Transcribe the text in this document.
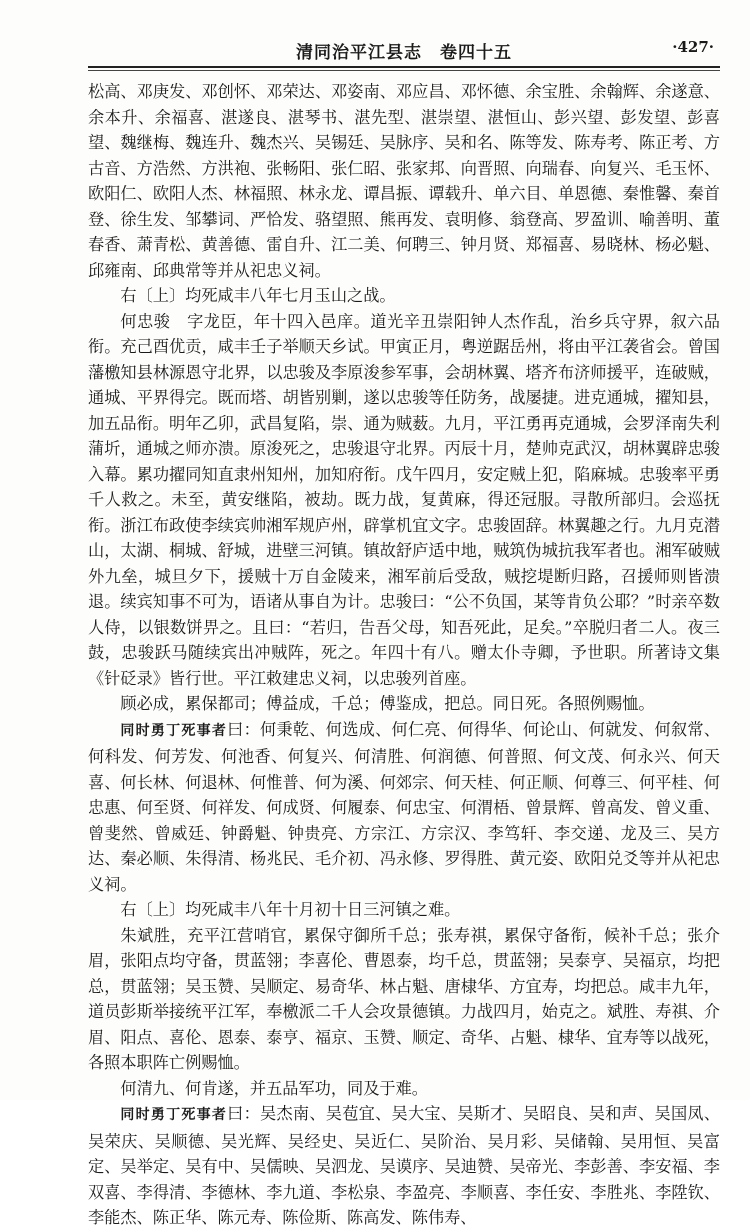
清同治平江县志　卷四十五	·427·

松高、邓庚发、邓创怀、邓荣达、邓姿南、邓应昌、邓怀德、余宝胜、余翰辉、余遂意、余本升、余福喜、湛遂良、湛琴书、湛先型、湛崇望、湛恒山、彭兴望、彭发望、彭喜望、魏继梅、魏连升、魏杰兴、吴锡廷、吴脉序、吴和名、陈等发、陈寿考、陈正考、方古音、方浩然、方洪袍、张畅阳、张仁昭、张家邦、向晋照、向瑞春、向复兴、毛玉怀、欧阳仁、欧阳人杰、林福照、林永龙、谭昌振、谭载升、单六目、单恩德、秦惟馨、秦首登、徐生发、邹攀词、严恰发、骆望照、熊再发、袁明修、翁登高、罗盈训、喻善明、董春香、萧青松、黄善德、雷自升、江二美、何聘三、钟月贤、郑福喜、易晓林、杨必魁、邱雍南、邱典常等并从祀忠义祠。

右〔上〕均死咸丰八年七月玉山之战。

何忠骏　字龙臣，年十四入邑庠。道光辛丑崇阳钟人杰作乱，治乡兵守界，叙六品衔。充己酉优贡，咸丰壬子举顺天乡试。甲寅正月，粤逆踞岳州，将由平江袭省会。曾国藩檄知县林源恩守北界，以忠骏及李原浚参军事，会胡林翼、塔齐布济师援平，连破贼，通城、平界得完。既而塔、胡皆别剿，遂以忠骏等任防务，战屡捷。进克通城，擢知县，加五品衔。明年乙卯，武昌复陷，崇、通为贼薮。九月，平江勇再克通城，会罗泽南失利蒲圻，通城之师亦溃。原浚死之，忠骏退守北界。丙辰十月，楚帅克武汉，胡林翼辟忠骏入幕。累功擢同知直隶州知州，加知府衔。戊午四月，安定贼上犯，陷麻城。忠骏率平勇千人救之。未至，黄安继陷，被劫。既力战，复黄麻，得还冠服。寻散所部归。会巡抚衔。浙江布政使李续宾帅湘军规庐州，辟掌机宜文字。忠骏固辞。林翼趣之行。九月克潜山，太湖、桐城、舒城，进壁三河镇。镇故舒庐适中地，贼筑伪城抗我军者也。湘军破贼外九垒，城旦夕下，援贼十万自金陵来，湘军前后受敌，贼挖堤断归路，召援师则皆溃退。续宾知事不可为，语诸从事自为计。忠骏曰：“公不负国，某等肯负公耶？”时亲卒数人侍，以银数饼畀之。且曰：“若归，告吾父母，知吾死此，足矣。”卒脱归者二人。夜三鼓，忠骏跃马随续宾出冲贼阵，死之。年四十有八。赠太仆寺卿，予世职。所著诗文集《针砭录》皆行世。平江敕建忠义祠，以忠骏列首座。

顾必成，累保都司；傅益成，千总；傅鉴成，把总。同日死。各照例赐恤。

同时勇丁死事者曰：何秉乾、何选成、何仁亮、何得华、何论山、何就发、何叙常、何科发、何芳发、何池香、何复兴、何清胜、何润德、何普照、何文茂、何永兴、何天喜、何长林、何退林、何惟普、何为溪、何郊宗、何天桂、何正顺、何尊三、何平桂、何忠惠、何至贤、何祥发、何成贤、何履泰、何忠宝、何渭梧、曾景辉、曾高发、曾义重、曾斐然、曾威廷、钟爵魁、钟贵亮、方宗江、方宗汉、李笃轩、李交递、龙及三、吴方达、秦必顺、朱得清、杨兆民、毛介初、冯永修、罗得胜、黄元姿、欧阳兑爻等并从祀忠义祠。

右〔上〕均死咸丰八年十月初十日三河镇之难。

朱斌胜，充平江营哨官，累保守御所千总；张寿祺，累保守备衔，候补千总；张介眉，张阳点均守备，贯蓝翎；李喜伦、曹恩泰，均千总，贯蓝翎；吴泰亨、吴福京，均把总，贯蓝翎；吴玉赞、吴顺定、易奇华、林占魁、唐棣华、方宜寿，均把总。咸丰九年，道员彭斯举接统平江军，奉檄派二千人会攻景德镇。力战四月，始克之。斌胜、寿祺、介眉、阳点、喜伦、恩泰、泰亨、福京、玉赞、顺定、奇华、占魁、棣华、宜寿等以战死，各照本职阵亡例赐恤。

何清九、何肯遂，并五品军功，同及于难。

同时勇丁死事者曰：吴杰南、吴苞宜、吴大宝、吴斯才、吴昭良、吴和声、吴国凤、吴荣庆、吴顺德、吴光辉、吴经史、吴近仁、吴阶治、吴月彩、吴储翰、吴用恒、吴富定、吴举定、吴有中、吴儒映、吴泗龙、吴谟序、吴迪赞、吴帝光、李彭善、李安福、李双喜、李得清、李德林、李九道、李松泉、李盈亮、李顺喜、李任安、李胜兆、李陞钦、李能杰、陈正华、陈元寿、陈俭斯、陈高发、陈伟寿、
